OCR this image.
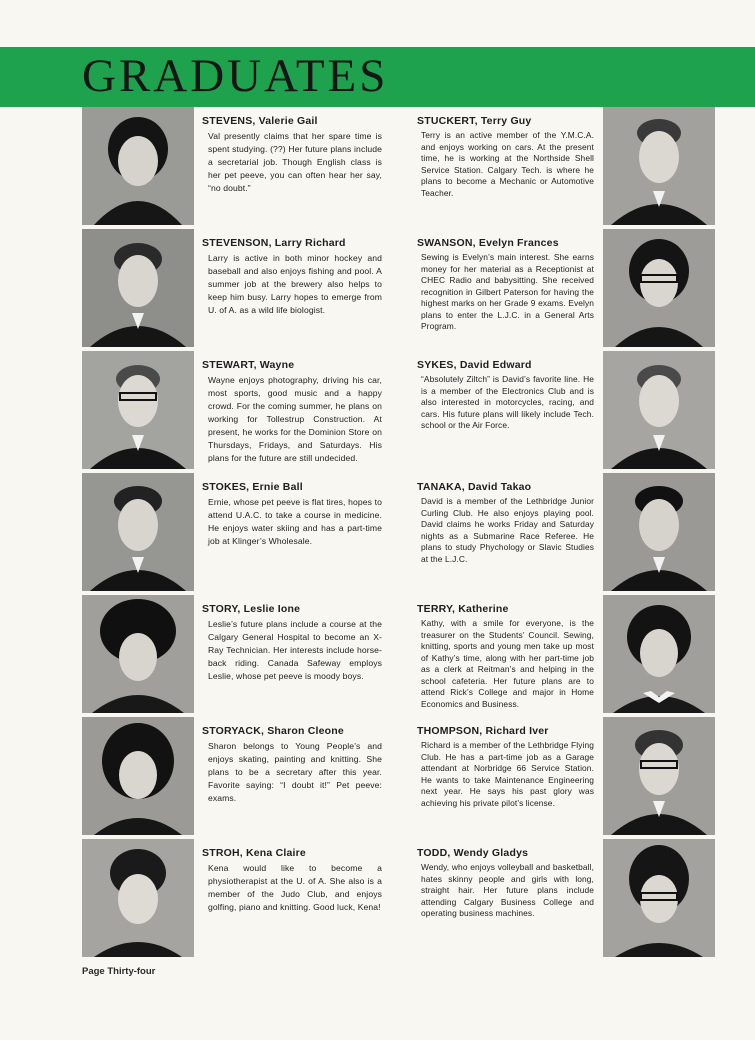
GRADUATES
STEVENS, Valerie Gail
Val presently claims that her spare time is spent studying. (??) Her future plans include a secretarial job. Though English class is her pet peeve, you can often hear her say, “no doubt.”
STEVENSON, Larry Richard
Larry is active in both minor hockey and baseball and also enjoys fishing and pool. A summer job at the brewery also helps to keep him busy. Larry hopes to emerge from U. of A. as a wild life biologist.
STEWART, Wayne
Wayne enjoys photography, driving his car, most sports, good music and a happy crowd. For the coming summer, he plans on working for Tollestrup Construction. At present, he works for the Dominion Store on Thursdays, Fridays, and Saturdays. His plans for the future are still undecided.
STOKES, Ernie Ball
Ernie, whose pet peeve is flat tires, hopes to attend U.A.C. to take a course in medicine. He enjoys water skiing and has a part-time job at Klinger’s Wholesale.
STORY, Leslie Ione
Leslie’s future plans include a course at the Calgary General Hospital to become an X-Ray Technician. Her interests include horse-back riding. Canada Safeway employs Leslie, whose pet peeve is moody boys.
STORYACK, Sharon Cleone
Sharon belongs to Young People’s and enjoys skating, painting and knitting. She plans to be a secretary after this year. Favorite saying: “I doubt it!” Pet peeve: exams.
STROH, Kena Claire
Kena would like to become a physiotherapist at the U. of A. She also is a member of the Judo Club, and enjoys golfing, piano and knitting. Good luck, Kena!
STUCKERT, Terry Guy
Terry is an active member of the Y.M.C.A. and enjoys working on cars. At the present time, he is working at the Northside Shell Service Station. Calgary Tech. is where he plans to become a Mechanic or Automotive Teacher.
SWANSON, Evelyn Frances
Sewing is Evelyn’s main interest. She earns money for her material as a Receptionist at CHEC Radio and babysitting. She received recognition in Gilbert Paterson for having the highest marks on her Grade 9 exams. Evelyn plans to enter the L.J.C. in a General Arts Program.
SYKES, David Edward
“Absolutely Ziltch” is David’s favorite line. He is a member of the Electronics Club and is also interested in motorcycles, racing, and cars. His future plans will likely include Tech. school or the Air Force.
TANAKA, David Takao
David is a member of the Lethbridge Junior Curling Club. He also enjoys playing pool. David claims he works Friday and Saturday nights as a Submarine Race Referee. He plans to study Phychology or Slavic Studies at the L.J.C.
TERRY, Katherine
Kathy, with a smile for everyone, is the treasurer on the Students’ Council. Sewing, knitting, sports and young men take up most of Kathy’s time, along with her part-time job as a clerk at Reitman’s and helping in the school cafeteria. Her future plans are to attend Rick’s College and major in Home Economics and Business.
THOMPSON, Richard Iver
Richard is a member of the Lethbridge Flying Club. He has a part-time job as a Garage attendant at Norbridge 66 Service Station. He wants to take Maintenance Engineering next year. He says his past glory was achieving his private pilot’s license.
TODD, Wendy Gladys
Wendy, who enjoys volleyball and basketball, hates skinny people and girls with long, straight hair. Her future plans include attending Calgary Business College and operating business machines.
Page Thirty-four
